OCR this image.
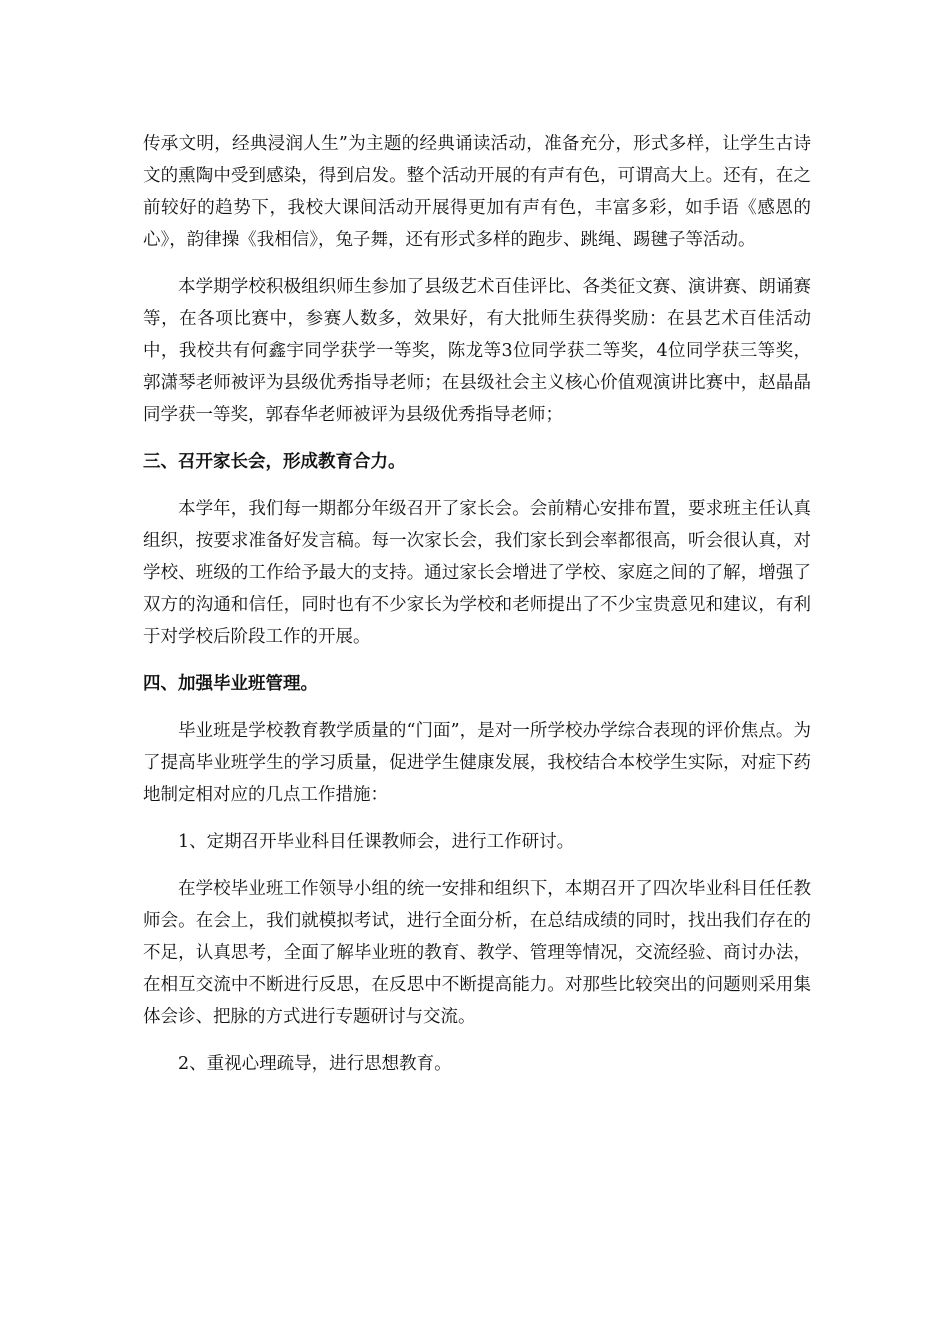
传承文明，经典浸润人生”为主题的经典诵读活动，准备充分，形式多样，让学生古诗文的熏陶中受到感染，得到启发。整个活动开展的有声有色，可谓高大上。还有，在之前较好的趋势下，我校大课间活动开展得更加有声有色，丰富多彩，如手语《感恩的心》，韵律操《我相信》，兔子舞，还有形式多样的跑步、跳绳、踢毽子等活动。

本学期学校积极组织师生参加了县级艺术百佳评比、各类征文赛、演讲赛、朗诵赛等，在各项比赛中，参赛人数多，效果好，有大批师生获得奖励：在县艺术百佳活动中，我校共有何鑫宇同学获学一等奖，陈龙等3位同学获二等奖，4位同学获三等奖，郭潇琴老师被评为县级优秀指导老师；在县级社会主义核心价值观演讲比赛中，赵晶晶同学获一等奖，郭春华老师被评为县级优秀指导老师；

三、召开家长会，形成教育合力。

本学年，我们每一期都分年级召开了家长会。会前精心安排布置，要求班主任认真组织，按要求准备好发言稿。每一次家长会，我们家长到会率都很高，听会很认真，对学校、班级的工作给予最大的支持。通过家长会增进了学校、家庭之间的了解，增强了双方的沟通和信任，同时也有不少家长为学校和老师提出了不少宝贵意见和建议，有利于对学校后阶段工作的开展。

四、加强毕业班管理。

毕业班是学校教育教学质量的“门面”，是对一所学校办学综合表现的评价焦点。为了提高毕业班学生的学习质量，促进学生健康发展，我校结合本校学生实际，对症下药地制定相对应的几点工作措施：

1、定期召开毕业科目任课教师会，进行工作研讨。

在学校毕业班工作领导小组的统一安排和组织下，本期召开了四次毕业科目任任教师会。在会上，我们就模拟考试，进行全面分析，在总结成绩的同时，找出我们存在的不足，认真思考，全面了解毕业班的教育、教学、管理等情况，交流经验、商讨办法，在相互交流中不断进行反思，在反思中不断提高能力。对那些比较突出的问题则采用集体会诊、把脉的方式进行专题研讨与交流。

2、重视心理疏导，进行思想教育。
